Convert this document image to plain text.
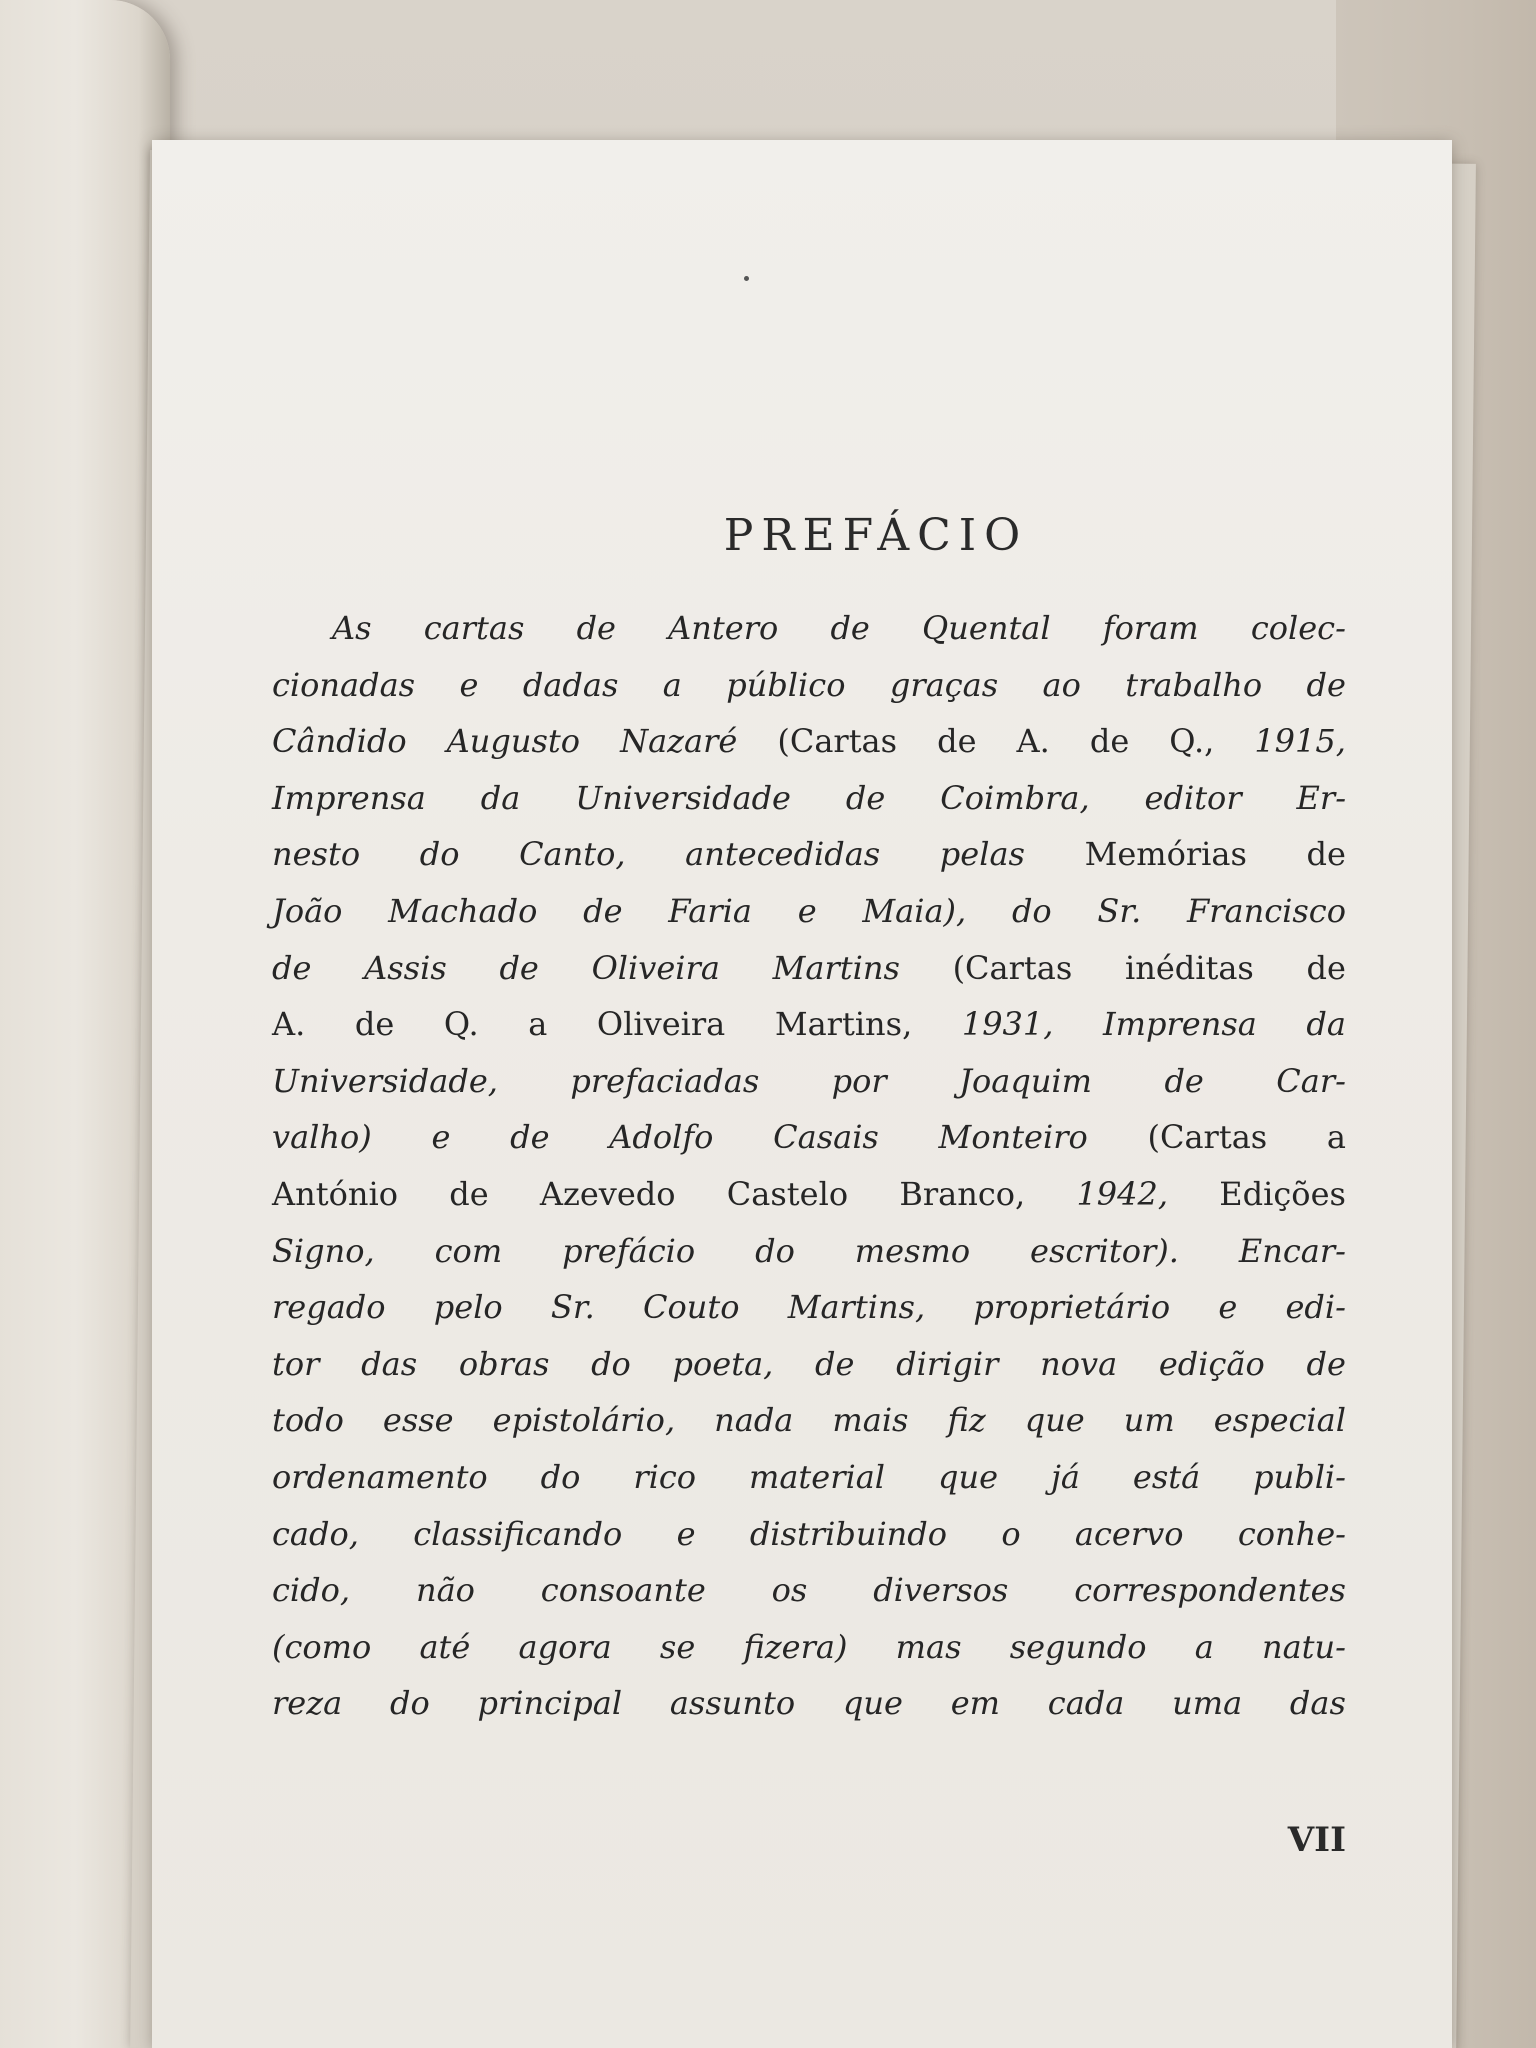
PREFÁCIO
As cartas de Antero de Quental foram colec-
cionadas e dadas a público graças ao trabalho de
Cândido Augusto Nazaré (Cartas de A. de Q., 1915,
Imprensa da Universidade de Coimbra, editor Er-
nesto do Canto, antecedidas pelas Memórias de
João Machado de Faria e Maia), do Sr. Francisco
de Assis de Oliveira Martins (Cartas inéditas de
A. de Q. a Oliveira Martins, 1931, Imprensa da
Universidade, prefaciadas por Joaquim de Car-
valho) e de Adolfo Casais Monteiro (Cartas a
António de Azevedo Castelo Branco, 1942, Edições
Signo, com prefácio do mesmo escritor). Encar-
regado pelo Sr. Couto Martins, proprietário e edi-
tor das obras do poeta, de dirigir nova edição de
todo esse epistolário, nada mais fiz que um especial
ordenamento do rico material que já está publi-
cado, classificando e distribuindo o acervo conhe-
cido, não consoante os diversos correspondentes
(como até agora se fizera) mas segundo a natu-
reza do principal assunto que em cada uma das
VII
